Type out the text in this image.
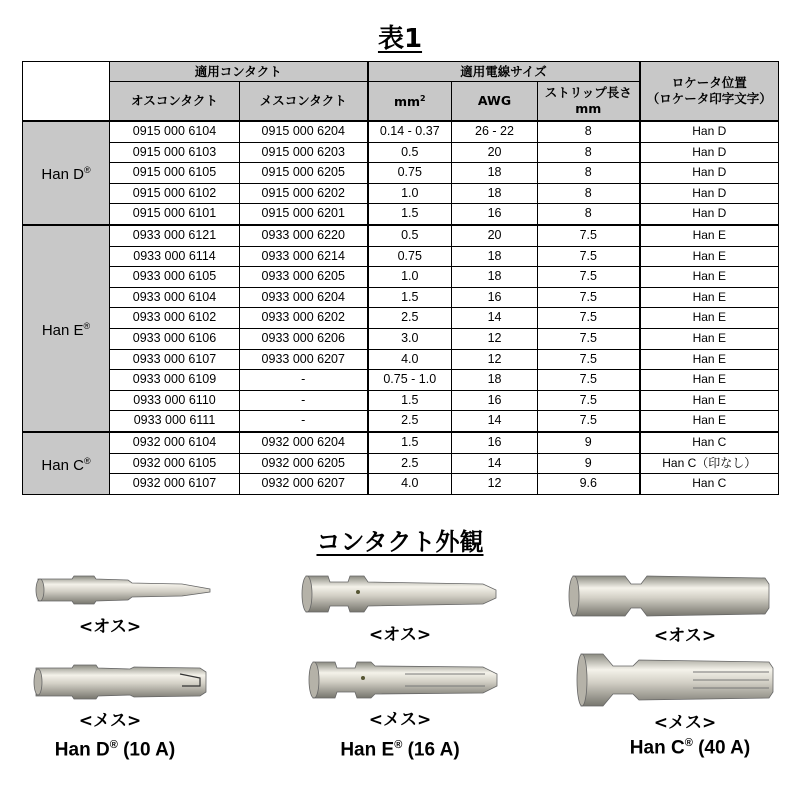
表1
	適用コンタクト		適用電線サイズ			ロケータ位置
（ロケータ印字文字）
	オスコンタクト	メスコンタクト	$mm^2$	AWG	ストリップ長さ
mm	
Han D®	0915 000 6104	0915 000 6204	0.14 - 0.37	26 - 22	8	Han D
	0915 000 6103	0915 000 6203	0.5	20	8	Han D
	0915 000 6105	0915 000 6205	0.75	18	8	Han D
	0915 000 6102	0915 000 6202	1.0	18	8	Han D
	0915 000 6101	0915 000 6201	1.5	16	8	Han D
Han E®	0933 000 6121	0933 000 6220	0.5	20	7.5	Han E
	0933 000 6114	0933 000 6214	0.75	18	7.5	Han E
	0933 000 6105	0933 000 6205	1.0	18	7.5	Han E
	0933 000 6104	0933 000 6204	1.5	16	7.5	Han E
	0933 000 6102	0933 000 6202	2.5	14	7.5	Han E
	0933 000 6106	0933 000 6206	3.0	12	7.5	Han E
	0933 000 6107	0933 000 6207	4.0	12	7.5	Han E
	0933 000 6109	-	0.75 - 1.0	18	7.5	Han E
	0933 000 6110	-	1.5	16	7.5	Han E
	0933 000 6111	-	2.5	14	7.5	Han E
Han C®	0932 000 6104	0932 000 6204	1.5	16	9	Han C
	0932 000 6105	0932 000 6205	2.5	14	9	Han C（印なし）
	0932 000 6107	0932 000 6207	4.0	12	9.6	Han C
コンタクト外観
<オス>
<メス>
<オス>
<メス>
<オス>
<メス>
Han D® (10 A)	Han E® (16 A)	Han C® (40 A)
